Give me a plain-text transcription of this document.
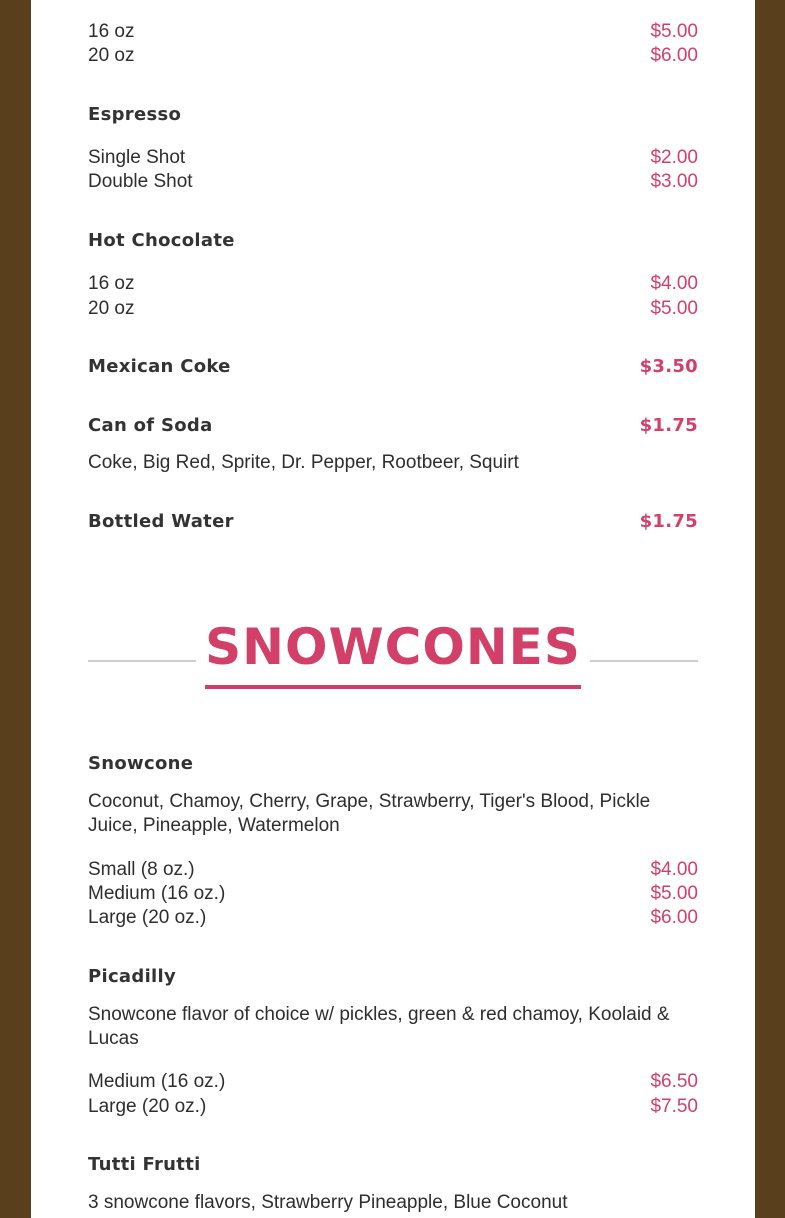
16 oz	$5.00
20 oz	$6.00
Espresso
Single Shot	$2.00
Double Shot	$3.00
Hot Chocolate
16 oz	$4.00
20 oz	$5.00
Mexican Coke	$3.50
Can of Soda	$1.75
Coke, Big Red, Sprite, Dr. Pepper, Rootbeer, Squirt
Bottled Water	$1.75
SNOWCONES
Snowcone
Coconut, Chamoy, Cherry, Grape, Strawberry, Tiger's Blood, Pickle Juice, Pineapple, Watermelon
Small (8 oz.)	$4.00
Medium (16 oz.)	$5.00
Large (20 oz.)	$6.00
Picadilly
Snowcone flavor of choice w/ pickles, green & red chamoy, Koolaid & Lucas
Medium (16 oz.)	$6.50
Large (20 oz.)	$7.50
Tutti Frutti
3 snowcone flavors, Strawberry Pineapple, Blue Coconut
